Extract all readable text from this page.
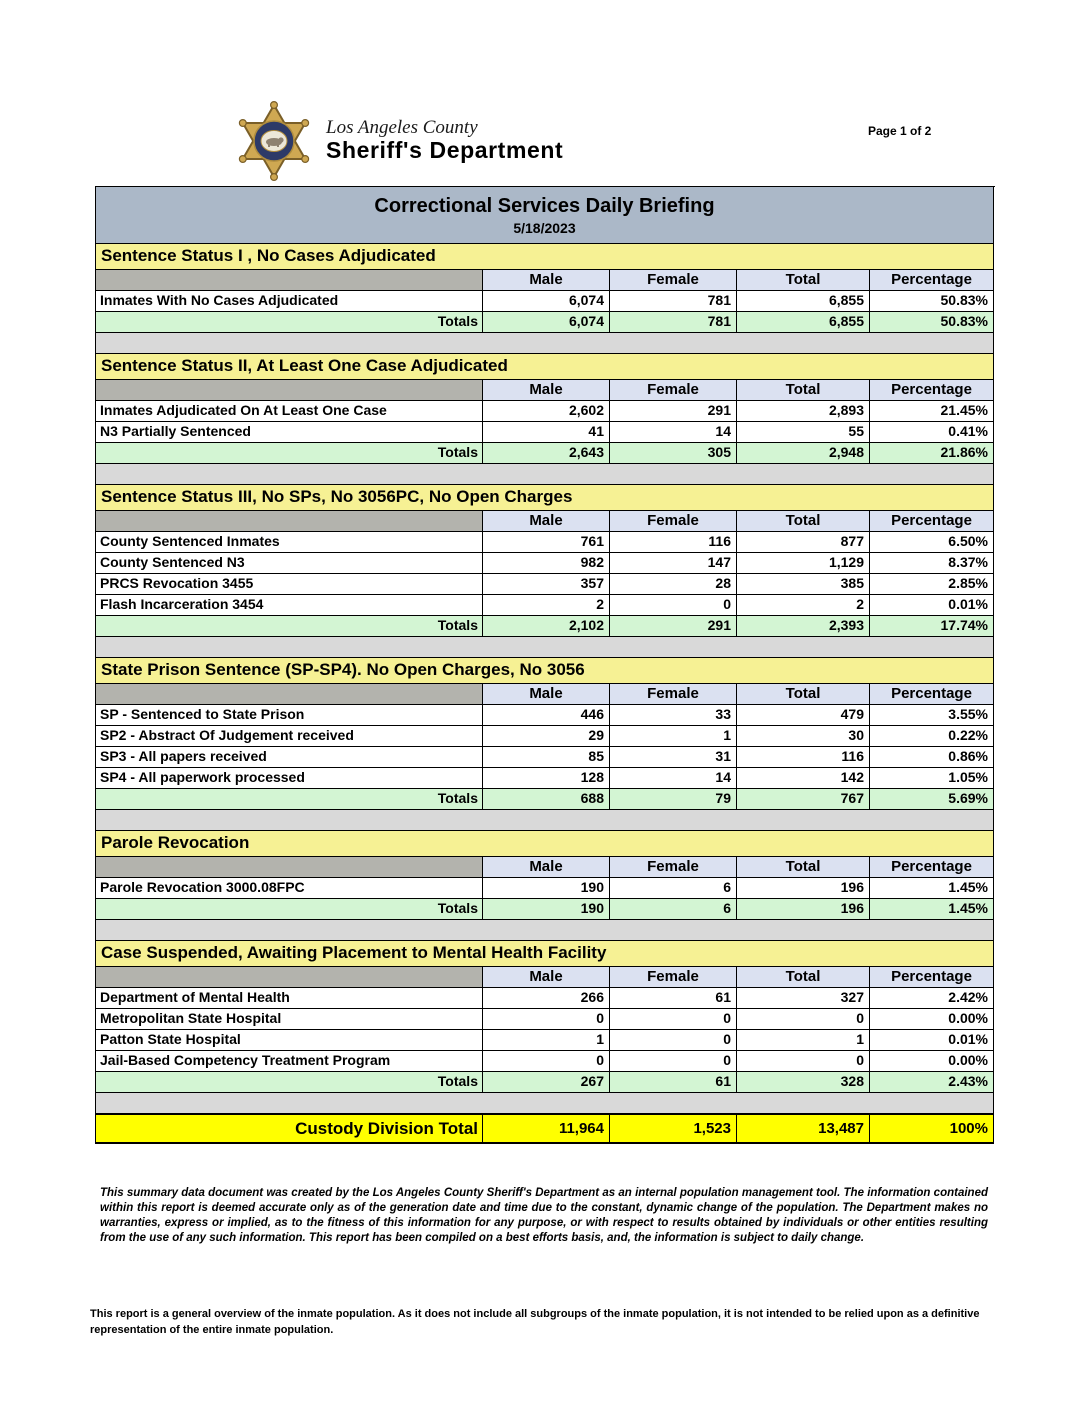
Los Angeles County
Sheriff's Department
Page 1 of 2
Correctional Services Daily Briefing
5/18/2023
Sentence Status I , No Cases Adjudicated
Male	Female	Total	Percentage
Inmates With No Cases Adjudicated	6,074	781	6,855	50.83%
Totals	6,074	781	6,855	50.83%
Sentence Status II, At Least One Case Adjudicated
Male	Female	Total	Percentage
Inmates Adjudicated On At Least One Case	2,602	291	2,893	21.45%
N3 Partially Sentenced	41	14	55	0.41%
Totals	2,643	305	2,948	21.86%
Sentence Status III, No SPs, No 3056PC, No Open Charges
Male	Female	Total	Percentage
County Sentenced Inmates	761	116	877	6.50%
County Sentenced N3	982	147	1,129	8.37%
PRCS Revocation 3455	357	28	385	2.85%
Flash Incarceration 3454	2	0	2	0.01%
Totals	2,102	291	2,393	17.74%
State Prison Sentence (SP-SP4). No Open Charges, No 3056
Male	Female	Total	Percentage
SP - Sentenced to State Prison	446	33	479	3.55%
SP2 - Abstract Of Judgement received	29	1	30	0.22%
SP3 - All papers received	85	31	116	0.86%
SP4 - All paperwork processed	128	14	142	1.05%
Totals	688	79	767	5.69%
Parole Revocation
Male	Female	Total	Percentage
Parole Revocation 3000.08FPC	190	6	196	1.45%
Totals	190	6	196	1.45%
Case Suspended, Awaiting Placement to Mental Health Facility
Male	Female	Total	Percentage
Department of Mental Health	266	61	327	2.42%
Metropolitan State Hospital	0	0	0	0.00%
Patton State Hospital	1	0	1	0.01%
Jail-Based Competency Treatment Program	0	0	0	0.00%
Totals	267	61	328	2.43%
Custody Division Total	11,964	1,523	13,487	100%
This summary data document was created by the Los Angeles County Sheriff's Department as an internal population management tool. The information contained within this report is deemed accurate only as of the generation date and time due to the constant, dynamic change of the population. The Department makes no warranties, express or implied, as to the fitness of this information for any purpose, or with respect to results obtained by individuals or other entities resulting from the use of any such information. This report has been compiled on a best efforts basis, and, the information is subject to daily change.
This report is a general overview of the inmate population. As it does not include all subgroups of the inmate population, it is not intended to be relied upon as a definitive representation of the entire inmate population.
